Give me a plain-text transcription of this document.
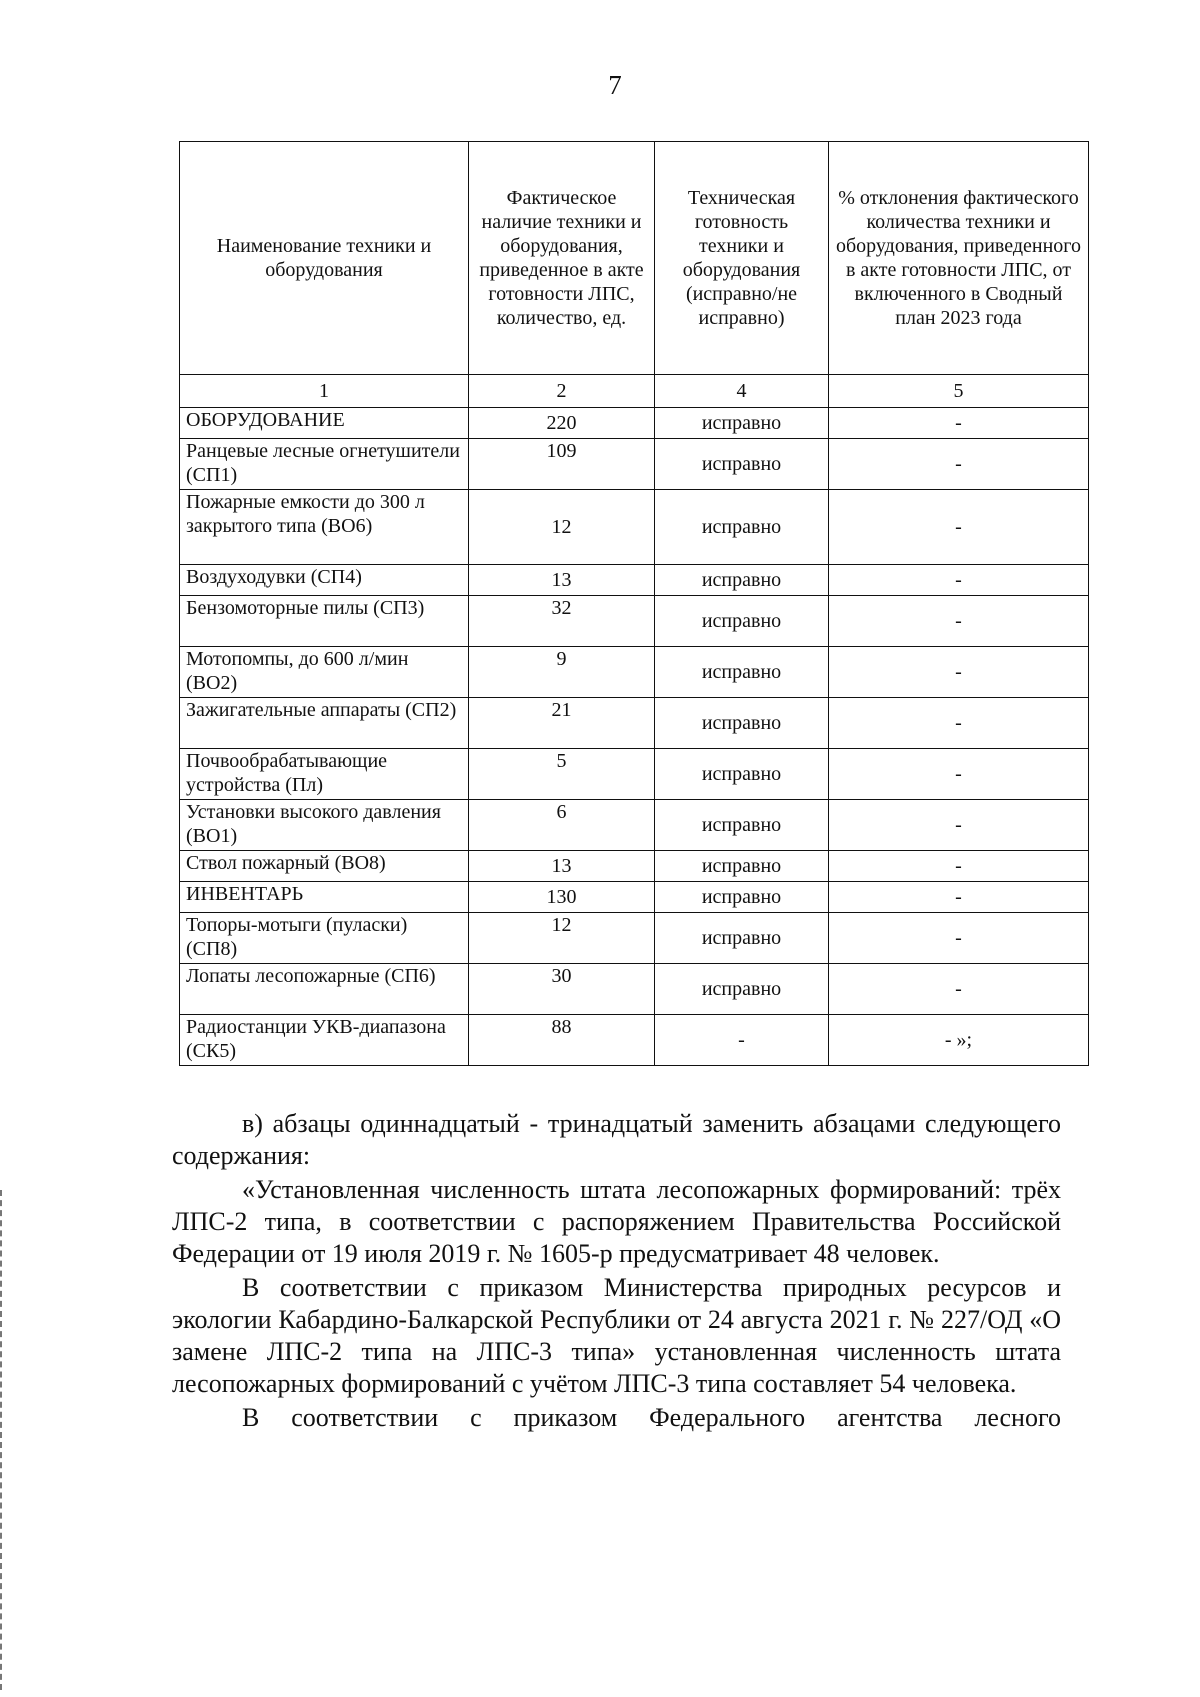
7
Наименование техники и оборудования	Фактическое наличие техники и оборудования, приведенное в акте готовности ЛПС, количество, ед.	Техническая готовность техники и оборудования (исправно/не исправно)	% отклонения фактического количества техники и оборудования, приведенного в акте готовности ЛПС, от включенного в Сводный план 2023 года
1	2	4	5
ОБОРУДОВАНИЕ	220	исправно	-
Ранцевые лесные огнетушители (СП1)	109	исправно	-
Пожарные емкости до 300 л закрытого типа (ВО6)	12	исправно	-
Воздуходувки (СП4)	13	исправно	-
Бензомоторные пилы (СП3)	32	исправно	-
Мотопомпы, до 600 л/мин (ВО2)	9	исправно	-
Зажигательные аппараты (СП2)	21	исправно	-
Почвообрабатывающие устройства (Пл)	5	исправно	-
Установки высокого давления (ВО1)	6	исправно	-
Ствол пожарный (ВО8)	13	исправно	-
ИНВЕНТАРЬ	130	исправно	-
Топоры-мотыги (пуласки) (СП8)	12	исправно	-
Лопаты лесопожарные (СП6)	30	исправно	-
Радиостанции УКВ-диапазона (СК5)	88	-	- »;

в) абзацы одиннадцатый - тринадцатый заменить абзацами следующего содержания:

«Установленная численность штата лесопожарных формирований: трёх ЛПС-2 типа, в соответствии с распоряжением Правительства Российской Федерации от 19 июля 2019 г. № 1605-р предусматривает 48 человек.

В соответствии с приказом Министерства природных ресурсов и экологии Кабардино-Балкарской Республики от 24 августа 2021 г. № 227/ОД «О замене ЛПС-2 типа на ЛПС-3 типа» установленная численность штата лесопожарных формирований с учётом ЛПС-3 типа составляет 54 человека.

В соответствии с приказом Федерального агентства лесного
